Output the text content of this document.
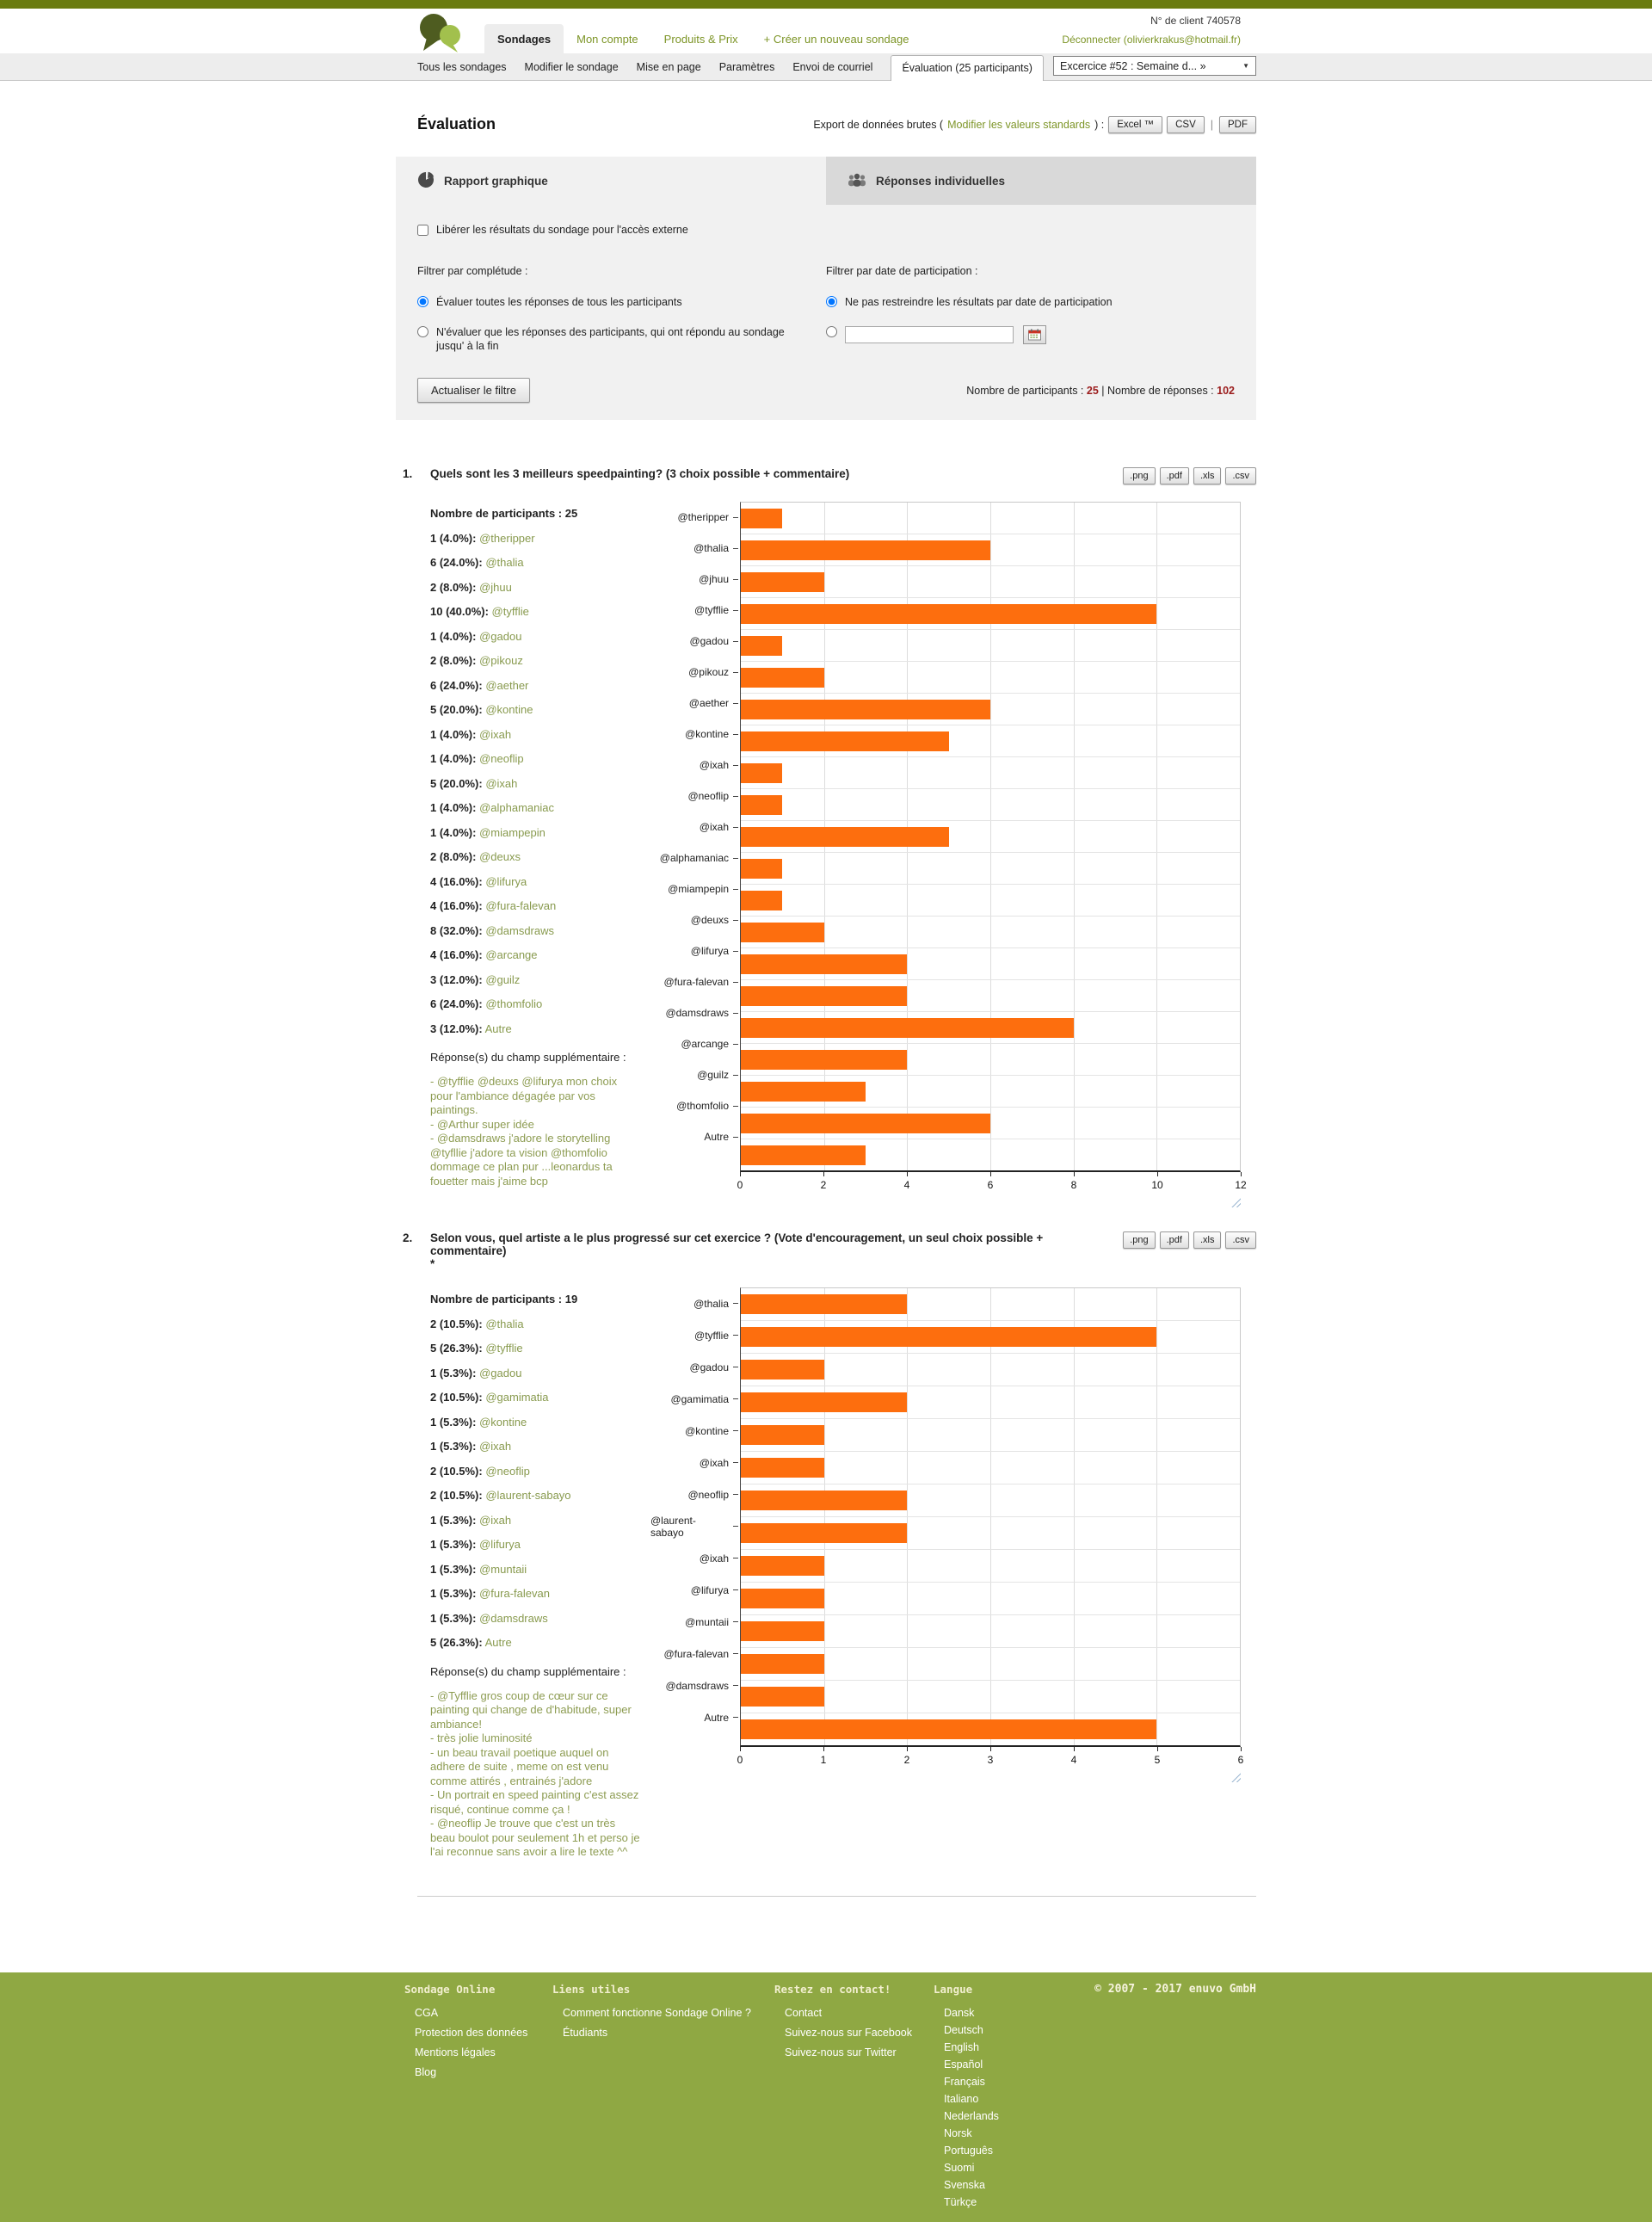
Sondages	Mon compte	Produits & Prix	+ Créer un nouveau sondage
N° de client 740578
Déconnecter (olivierkrakus@hotmail.fr)
Tous les sondages Modifier le sondage Mise en page Paramètres Envoi de courriel	Évaluation (25 participants)	Excercice #52 : Semaine d... »	▼
Évaluation	Export de données brutes ( Modifier les valeurs standards ) :	Excel ™	CSV	|	PDF
Rapport graphique	Réponses individuelles
Libérer les résultats du sondage pour l'accès externe
Filtrer par complétude :
Évaluer toutes les réponses de tous les participants
N'évaluer que les réponses des participants, qui ont répondu au sondage jusqu' à la fin
Filtrer par date de participation :
Ne pas restreindre les résultats par date de participation
Actualiser le filtre	Nombre de participants : 25 | Nombre de réponses : 102
1.	Quels sont les 3 meilleurs speedpainting? (3 choix possible + commentaire)	.png	.pdf	.xls	.csv
Nombre de participants : 25
1 (4.0%): @theripper
6 (24.0%): @thalia
2 (8.0%): @jhuu
10 (40.0%): @tyfflie
1 (4.0%): @gadou
2 (8.0%): @pikouz
6 (24.0%): @aether
5 (20.0%): @kontine
1 (4.0%): @ixah
1 (4.0%): @neoflip
5 (20.0%): @ixah
1 (4.0%): @alphamaniac
1 (4.0%): @miampepin
2 (8.0%): @deuxs
4 (16.0%): @lifurya
4 (16.0%): @fura-falevan
8 (32.0%): @damsdraws
4 (16.0%): @arcange
3 (12.0%): @guilz
6 (24.0%): @thomfolio
3 (12.0%): Autre
Réponse(s) du champ supplémentaire :
- @tyfflie @deuxs @lifurya mon choix pour l'ambiance dégagée par vos paintings.
- @Arthur super idée
- @damsdraws j'adore le storytelling @tyfllie j'adore ta vision @thomfolio dommage ce plan pur ...leonardus ta fouetter mais j'aime bcp
@theripper
@thalia
@jhuu
@tyfflie
@gadou
@pikouz
@aether
@kontine
@ixah
@neoflip
@ixah
@alphamaniac
@miampepin
@deuxs
@lifurya
@fura-falevan
@damsdraws
@arcange
@guilz
@thomfolio
Autre
0	2	4	6	8	10	12
2.	Selon vous, quel artiste a le plus progressé sur cet exercice ? (Vote d'encouragement, un seul choix possible + commentaire)
*
.png	.pdf	.xls	.csv
Nombre de participants : 19
2 (10.5%): @thalia
5 (26.3%): @tyfflie
1 (5.3%): @gadou
2 (10.5%): @gamimatia
1 (5.3%): @kontine
1 (5.3%): @ixah
2 (10.5%): @neoflip
2 (10.5%): @laurent-sabayo
1 (5.3%): @ixah
1 (5.3%): @lifurya
1 (5.3%): @muntaii
1 (5.3%): @fura-falevan
1 (5.3%): @damsdraws
5 (26.3%): Autre
Réponse(s) du champ supplémentaire :
- @Tyfflie gros coup de cœur sur ce painting qui change de d'habitude, super ambiance!
- très jolie luminosité
- un beau travail poetique auquel on adhere de suite , meme on est venu comme attirés , entrainés j'adore
- Un portrait en speed painting c'est assez risqué, continue comme ça !
- @neoflip Je trouve que c'est un très beau boulot pour seulement 1h et perso je l'ai reconnue sans avoir a lire le texte ^^
@thalia
@tyfflie
@gadou
@gamimatia
@kontine
@ixah
@neoflip
@laurent-sabayo
@ixah
@lifurya
@muntaii
@fura-falevan
@damsdraws
Autre
0	1	2	3	4	5	6
Sondage Online
CGA
Protection des données
Mentions légales
Blog
Liens utiles
Comment fonctionne Sondage Online ?
Étudiants
Restez en contact!
Contact
Suivez-nous sur Facebook
Suivez-nous sur Twitter
Langue
Dansk
Deutsch
English
Español
Français
Italiano
Nederlands
Norsk
Português
Suomi
Svenska
Türkçe
© 2007 - 2017 enuvo GmbH
